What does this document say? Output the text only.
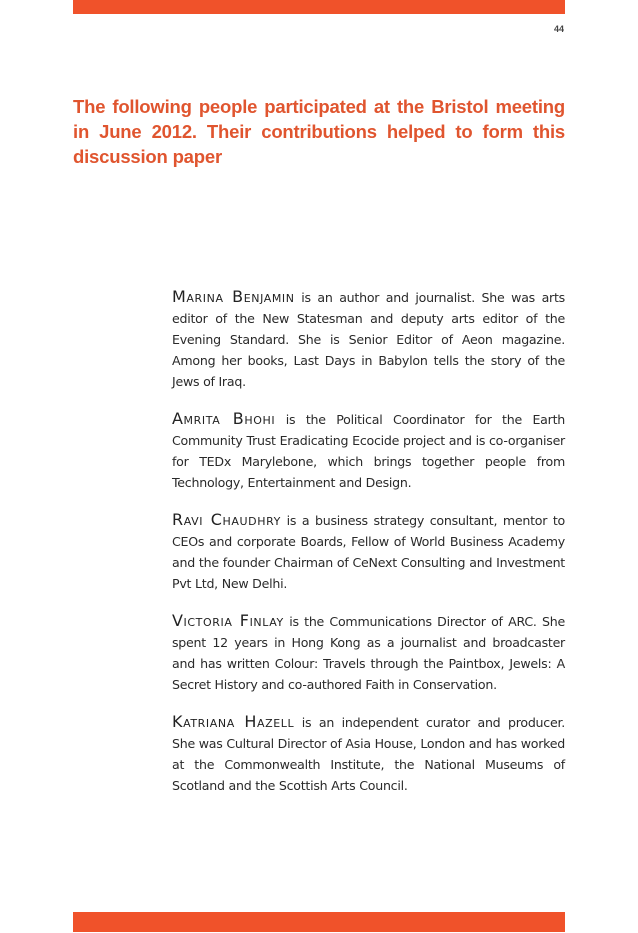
44
The following people participated at the Bristol meeting in June 2012. Their contributions helped to form this discussion paper

Marina Benjamin is an author and journalist. She was arts editor of the New Statesman and deputy arts editor of the Evening Standard. She is Senior Editor of Aeon magazine. Among her books, Last Days in Babylon tells the story of the Jews of Iraq.

Amrita Bhohi is the Political Coordinator for the Earth Community Trust Eradicating Ecocide project and is co-organiser for TEDx Marylebone, which brings together people from Technology, Entertainment and Design.

Ravi Chaudhry is a business strategy consultant, mentor to CEOs and corporate Boards, Fellow of World Business Academy and the founder Chairman of CeNext Consulting and Investment Pvt Ltd, New Delhi.

Victoria Finlay is the Communications Director of ARC. She spent 12 years in Hong Kong as a journalist and broadcaster and has written Colour: Travels through the Paintbox, Jewels: A Secret History and co-authored Faith in Conservation.

Katriana Hazell is an independent curator and producer. She was Cultural Director of Asia House, London and has worked at the Commonwealth Institute, the National Museums of Scotland and the Scottish Arts Council.
